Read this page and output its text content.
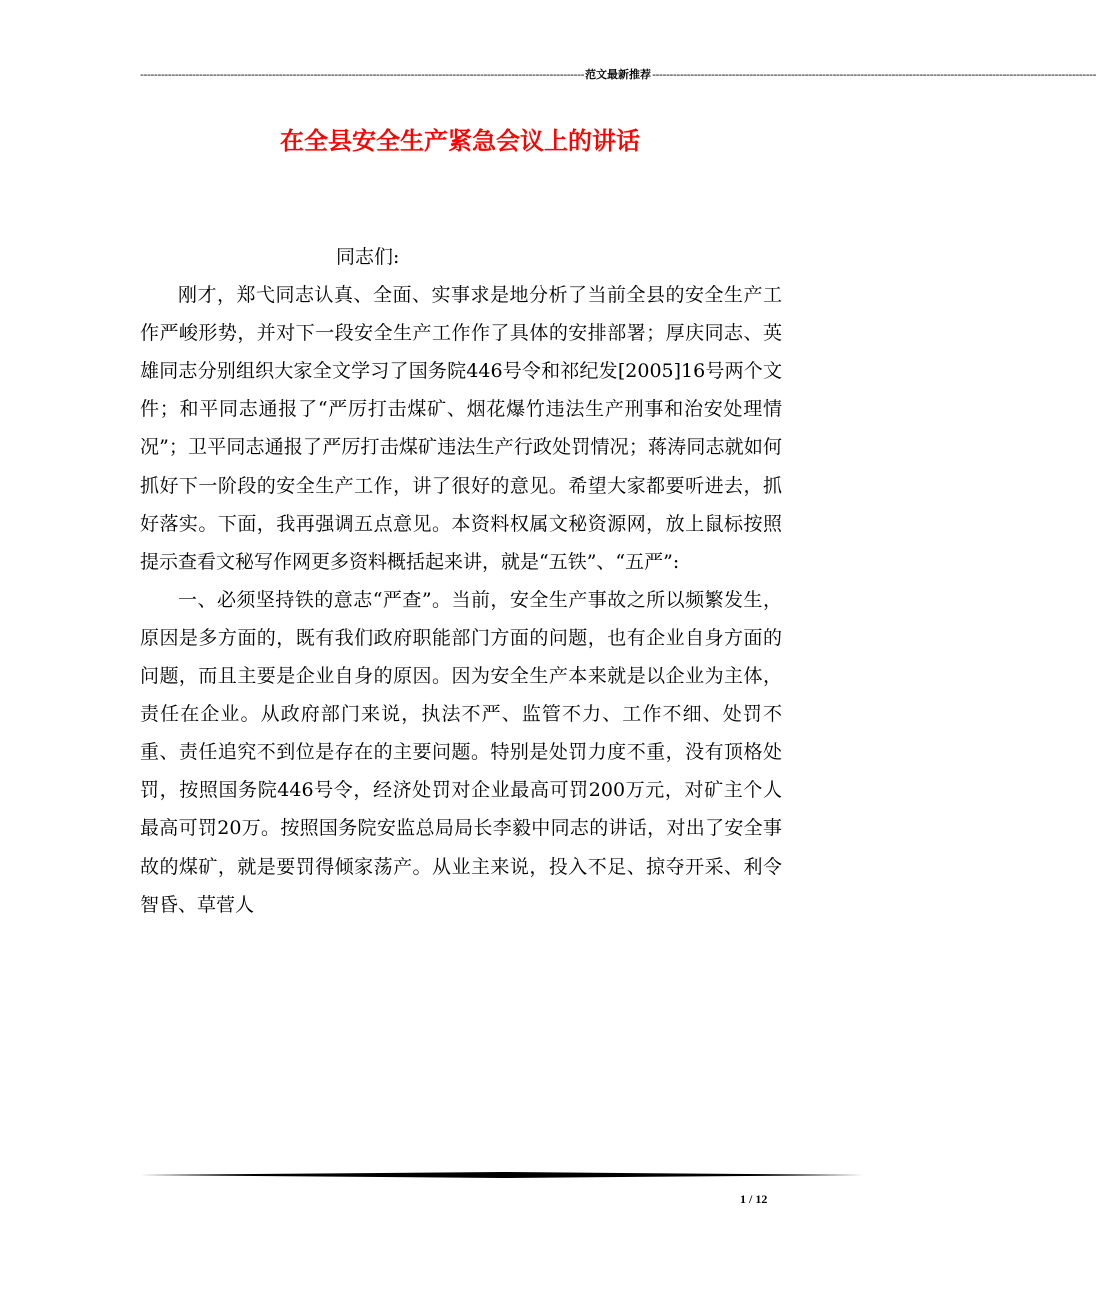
-------------------------------------------------------------------------------------------------------------------------------- 范文最新推荐 --------------------------------------------------------------------------------------------------------------------------------
在全县安全生产紧急会议上的讲话
同志们:

刚才，郑弋同志认真、全面、实事求是地分析了当前全县的安全生产工作严峻形势，并对下一段安全生产工作作了具体的安排部署；厚庆同志、英雄同志分别组织大家全文学习了国务院446号令和祁纪发[2005]16号两个文件；和平同志通报了“严厉打击煤矿、烟花爆竹违法生产刑事和治安处理情况”；卫平同志通报了严厉打击煤矿违法生产行政处罚情况；蒋涛同志就如何抓好下一阶段的安全生产工作，讲了很好的意见。希望大家都要听进去，抓好落实。下面，我再强调五点意见。本资料权属文秘资源网，放上鼠标按照提示查看文秘写作网更多资料概括起来讲，就是“五铁”、“五严”:

一、必须坚持铁的意志“严查”。当前，安全生产事故之所以频繁发生，原因是多方面的，既有我们政府职能部门方面的问题，也有企业自身方面的问题，而且主要是企业自身的原因。因为安全生产本来就是以企业为主体，责任在企业。从政府部门来说，执法不严、监管不力、工作不细、处罚不重、责任追究不到位是存在的主要问题。特别是处罚力度不重，没有顶格处罚，按照国务院446号令，经济处罚对企业最高可罚200万元，对矿主个人最高可罚20万。按照国务院安监总局局长李毅中同志的讲话，对出了安全事故的煤矿，就是要罚得倾家荡产。从业主来说，投入不足、掠夺开采、利令智昏、草菅人

1 / 12
